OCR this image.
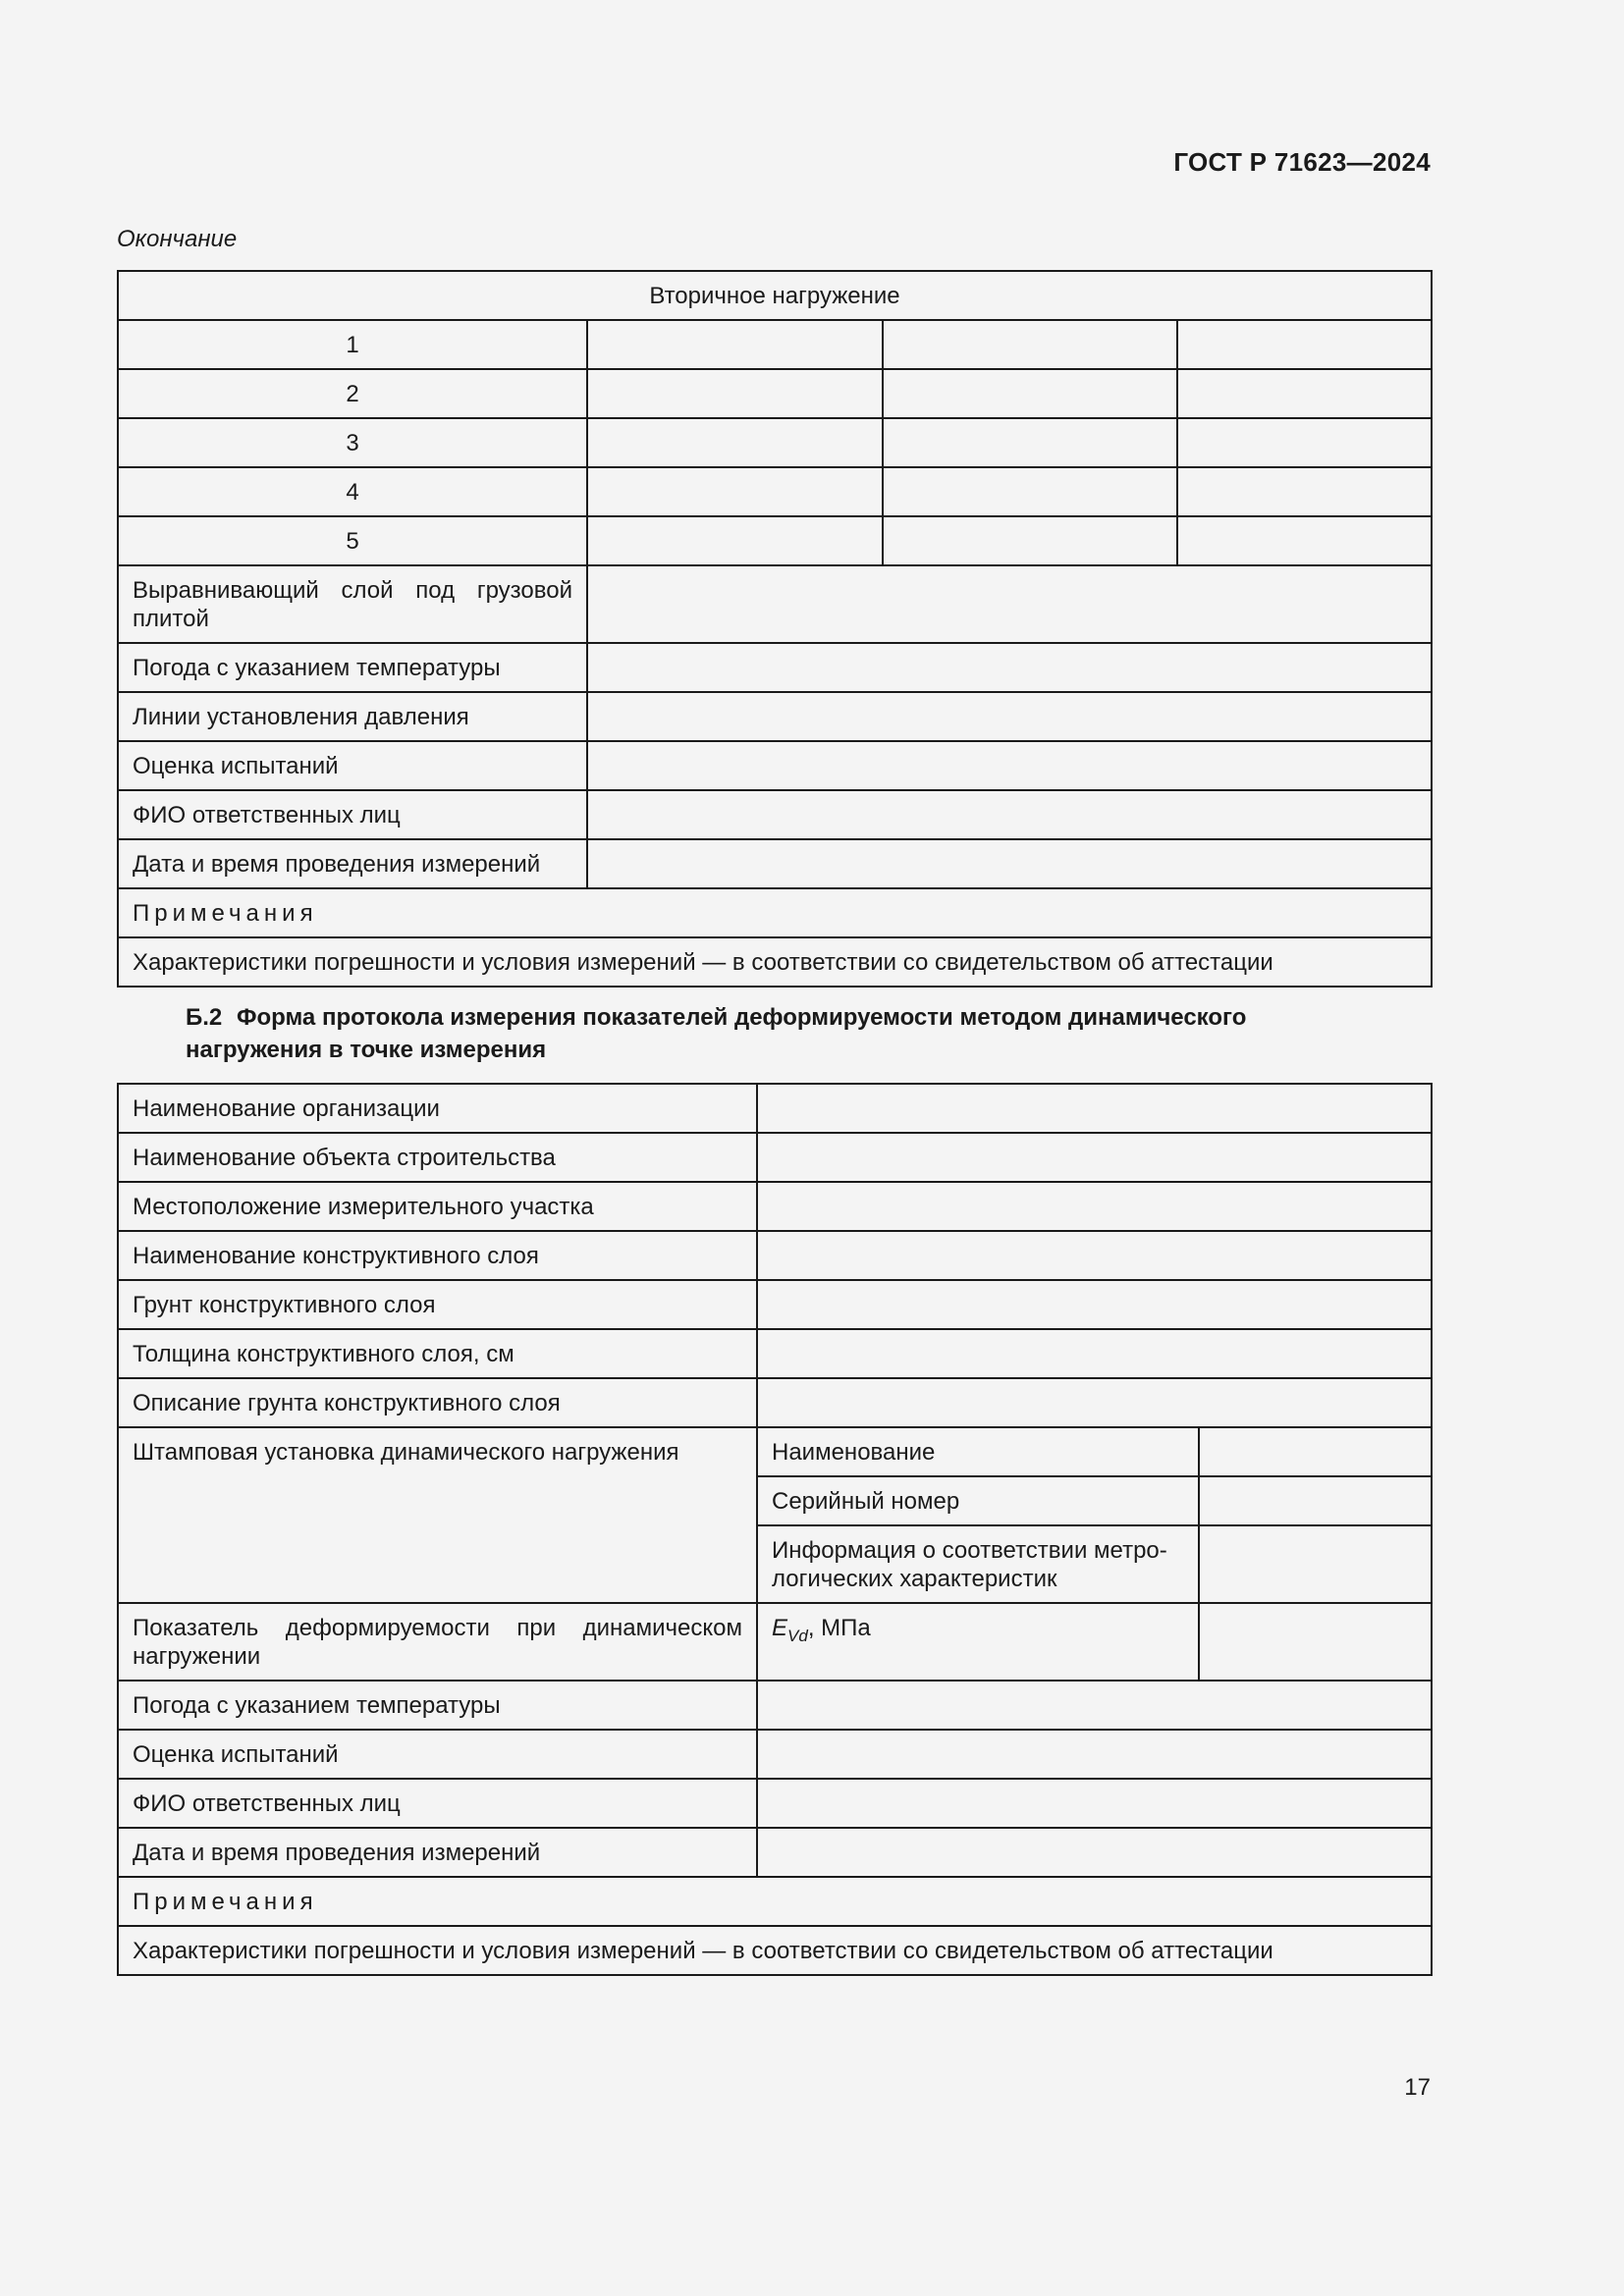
ГОСТ Р 71623—2024
Окончание
Вторичное нагружение			
1			
2			
3			
4			
5			
Выравнивающий слой под грузовой плитой			
Погода с указанием температуры			
Линии установления давления			
Оценка испытаний			
ФИО ответственных лиц			
Дата и время проведения измерений			
Примечания			
Характеристики погрешности и условия измерений — в соответствии со свидетельством об аттестации			
Б.2 Форма протокола измерения показателей деформируемости методом динамического
нагружения в точке измерения
Наименование организации		
Наименование объекта строительства		
Местоположение измерительного участка		
Наименование конструктивного слоя		
Грунт конструктивного слоя		
Толщина конструктивного слоя, см		
Описание грунта конструктивного слоя		
Штамповая установка динамического нагружения	Наименование	
	Серийный номер	
	Информация о соответствии метро-
логических характеристик	
Показатель деформируемости при динамическом нагружении	$E_{Vd}$, МПа	
Погода с указанием температуры		
Оценка испытаний		
ФИО ответственных лиц		
Дата и время проведения измерений		
Примечания		
Характеристики погрешности и условия измерений — в соответствии со свидетельством об аттестации		
17
